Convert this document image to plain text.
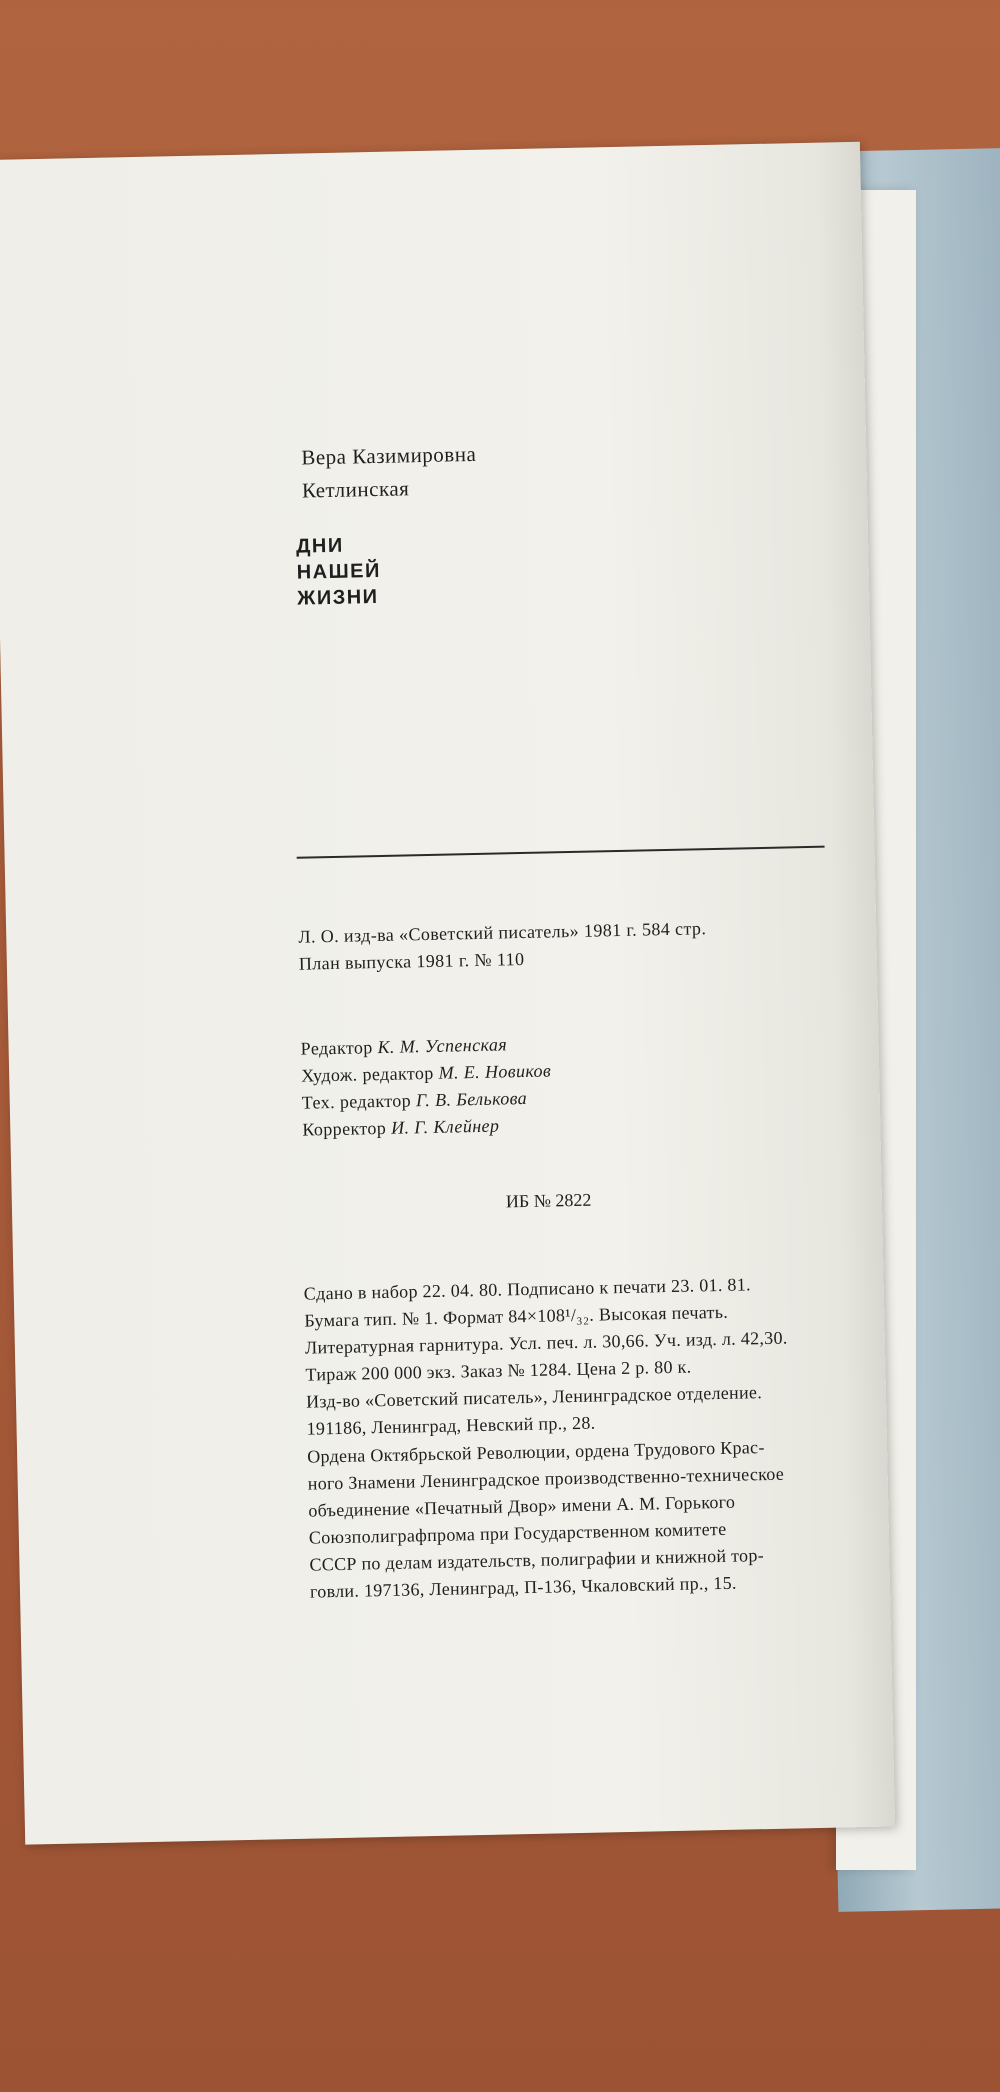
Вера Казимировна
Кетлинская
ДНИ
НАШЕЙ
ЖИЗНИ
Л. О. изд-ва «Советский писатель» 1981 г. 584 стр.
План выпуска 1981 г. № 110
Редактор К. М. Успенская
Худож. редактор М. Е. Новиков
Тех. редактор Г. В. Белькова
Корректор И. Г. Клейнер
ИБ № 2822
Сдано в набор 22. 04. 80. Подписано к печати 23. 01. 81.
Бумага тип. № 1. Формат 84×108¹/₃₂. Высокая печать.
Литературная гарнитура. Усл. печ. л. 30,66. Уч. изд. л. 42,30.
Тираж 200 000 экз. Заказ № 1284. Цена 2 р. 80 к.
Изд-во «Советский писатель», Ленинградское отделение.
191186, Ленинград, Невский пр., 28.
Ордена Октябрьской Революции, ордена Трудового Крас-
ного Знамени Ленинградское производственно-техническое
объединение «Печатный Двор» имени А. М. Горького
Союзполиграфпрома при Государственном комитете
СССР по делам издательств, полиграфии и книжной тор-
говли. 197136, Ленинград, П-136, Чкаловский пр., 15.
